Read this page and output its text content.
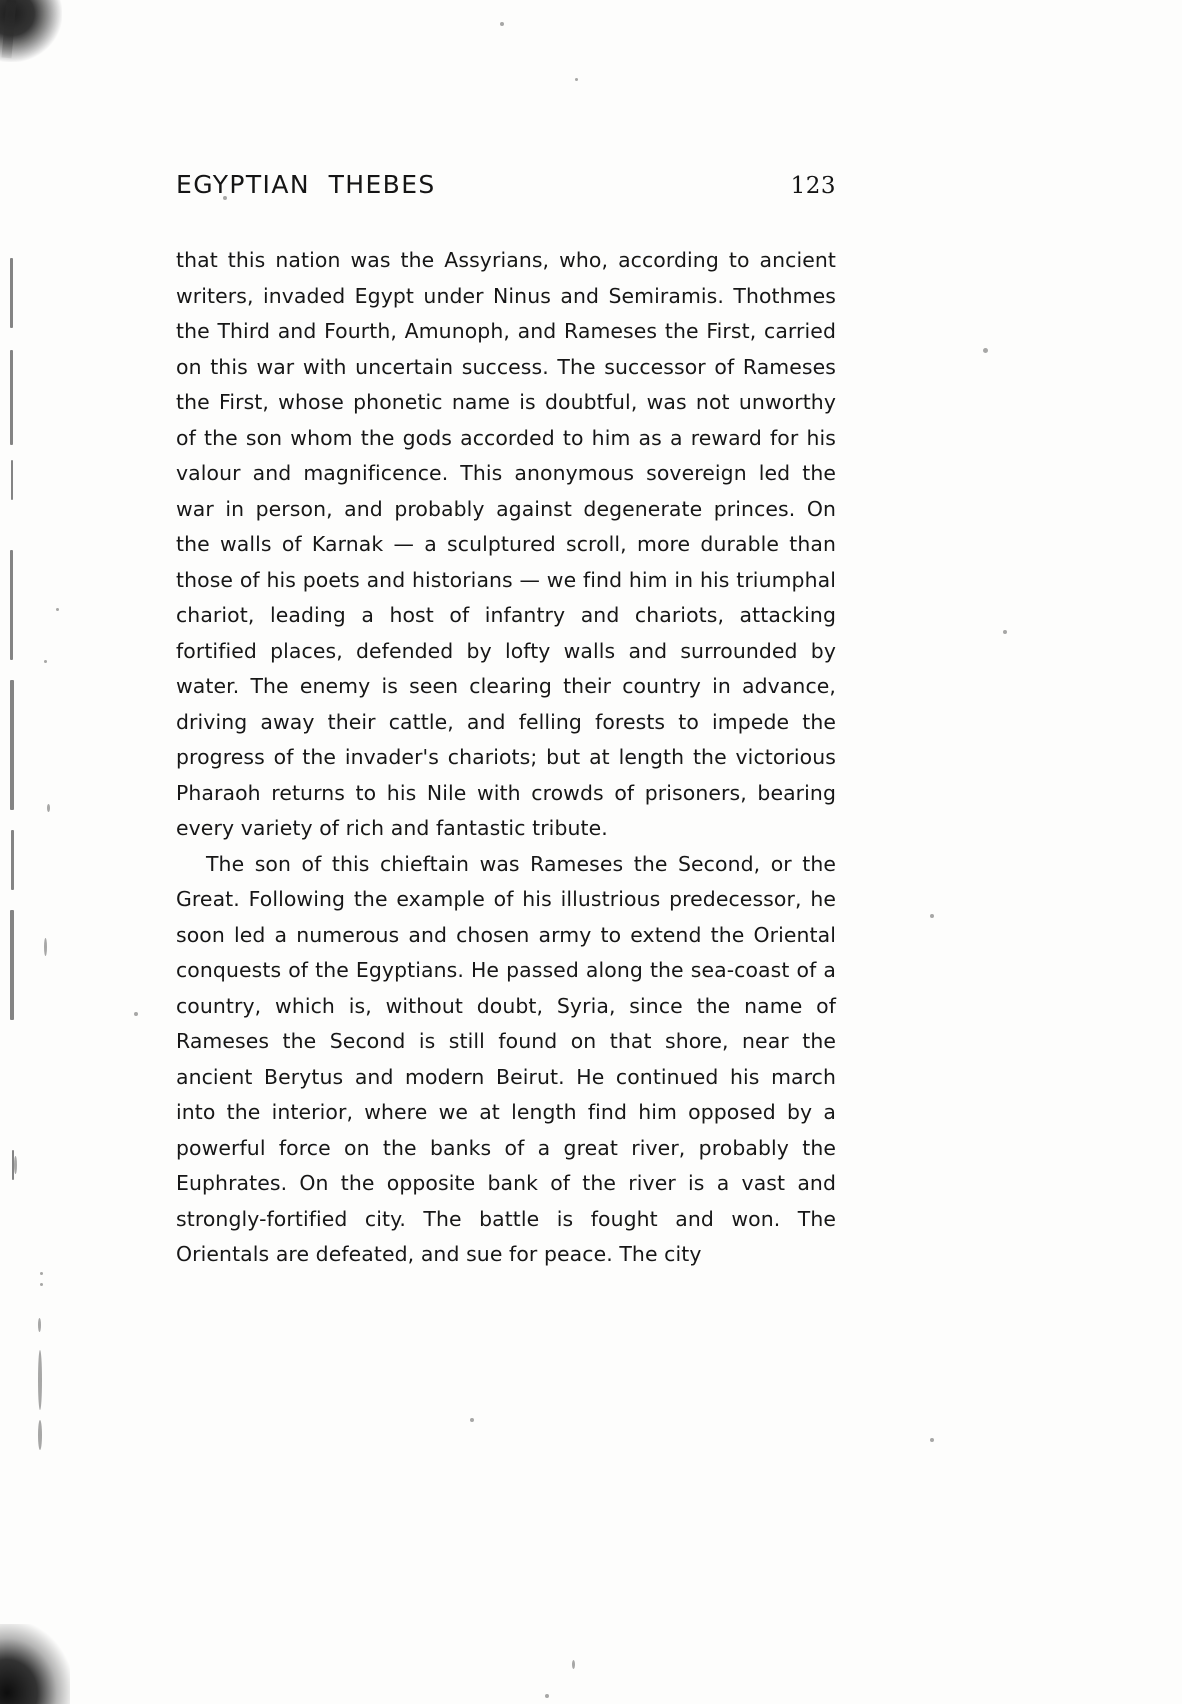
EGYPTIAN  THEBES	123

that this nation was the Assyrians, who, according to ancient writers, invaded Egypt under Ninus and Semiramis. Thothmes the Third and Fourth, Amunoph, and Rameses the First, carried on this war with uncertain success. The successor of Rameses the First, whose phonetic name is doubtful, was not unworthy of the son whom the gods accorded to him as a reward for his valour and magnificence. This anonymous sovereign led the war in person, and probably against degenerate princes. On the walls of Karnak — a sculptured scroll, more durable than those of his poets and historians — we find him in his triumphal chariot, leading a host of infantry and chariots, attacking fortified places, defended by lofty walls and surrounded by water. The enemy is seen clearing their country in advance, driving away their cattle, and felling forests to impede the progress of the invader's chariots; but at length the victorious Pharaoh returns to his Nile with crowds of prisoners, bearing every variety of rich and fantastic tribute.

The son of this chieftain was Rameses the Second, or the Great. Following the example of his illustrious predecessor, he soon led a numerous and chosen army to extend the Oriental conquests of the Egyptians. He passed along the sea-coast of a country, which is, without doubt, Syria, since the name of Rameses the Second is still found on that shore, near the ancient Berytus and modern Beirut. He continued his march into the interior, where we at length find him opposed by a powerful force on the banks of a great river, probably the Euphrates. On the opposite bank of the river is a vast and strongly-fortified city. The battle is fought and won. The Orientals are defeated, and sue for peace. The city
